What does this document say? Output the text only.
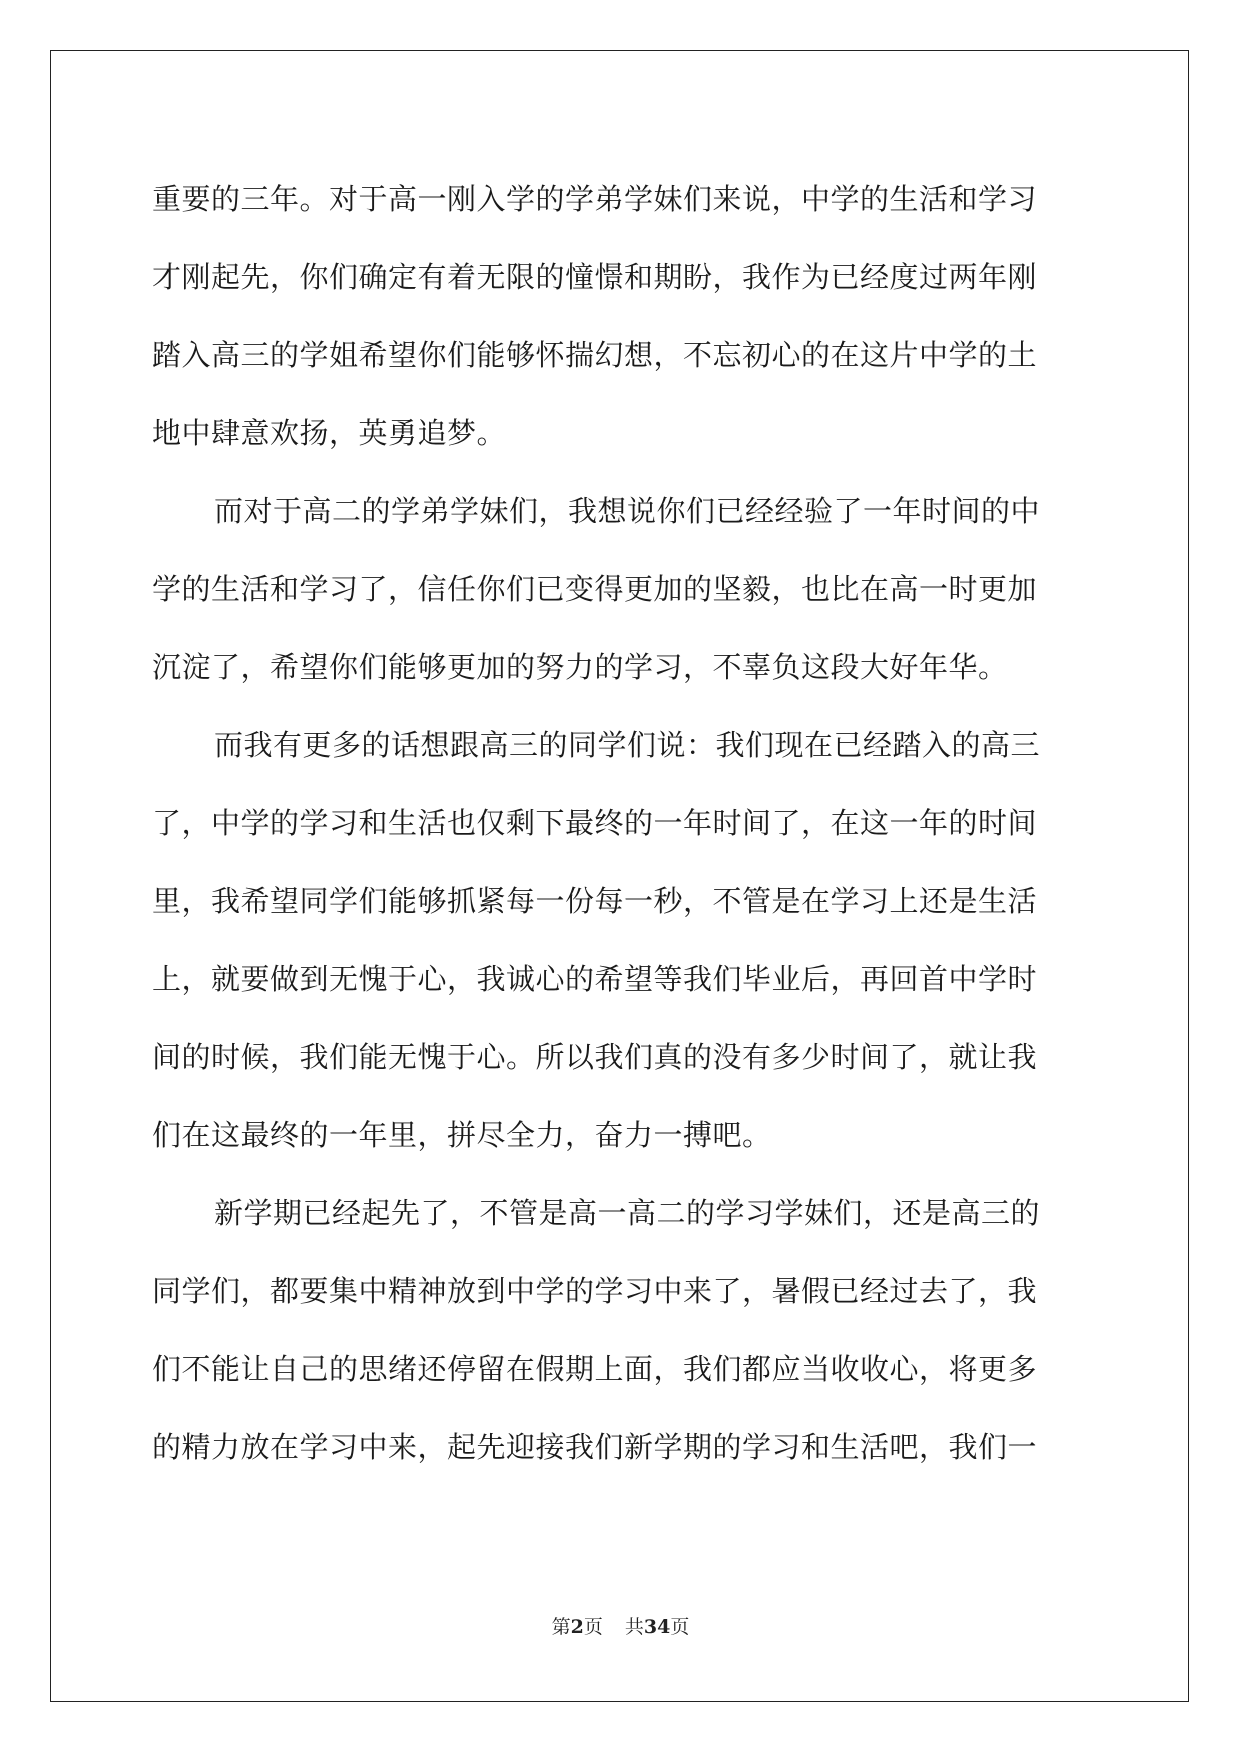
重要的三年。对于高一刚入学的学弟学妹们来说，中学的生活和学习
才刚起先，你们确定有着无限的憧憬和期盼，我作为已经度过两年刚
踏入高三的学姐希望你们能够怀揣幻想，不忘初心的在这片中学的土
地中肆意欢扬，英勇追梦。
而对于高二的学弟学妹们，我想说你们已经经验了一年时间的中
学的生活和学习了，信任你们已变得更加的坚毅，也比在高一时更加
沉淀了，希望你们能够更加的努力的学习，不辜负这段大好年华。
而我有更多的话想跟高三的同学们说：我们现在已经踏入的高三
了，中学的学习和生活也仅剩下最终的一年时间了，在这一年的时间
里，我希望同学们能够抓紧每一份每一秒，不管是在学习上还是生活
上，就要做到无愧于心，我诚心的希望等我们毕业后，再回首中学时
间的时候，我们能无愧于心。所以我们真的没有多少时间了，就让我
们在这最终的一年里，拼尽全力，奋力一搏吧。
新学期已经起先了，不管是高一高二的学习学妹们，还是高三的
同学们，都要集中精神放到中学的学习中来了，暑假已经过去了，我
们不能让自己的思绪还停留在假期上面，我们都应当收收心，将更多
的精力放在学习中来，起先迎接我们新学期的学习和生活吧，我们一
第2页 共34页
